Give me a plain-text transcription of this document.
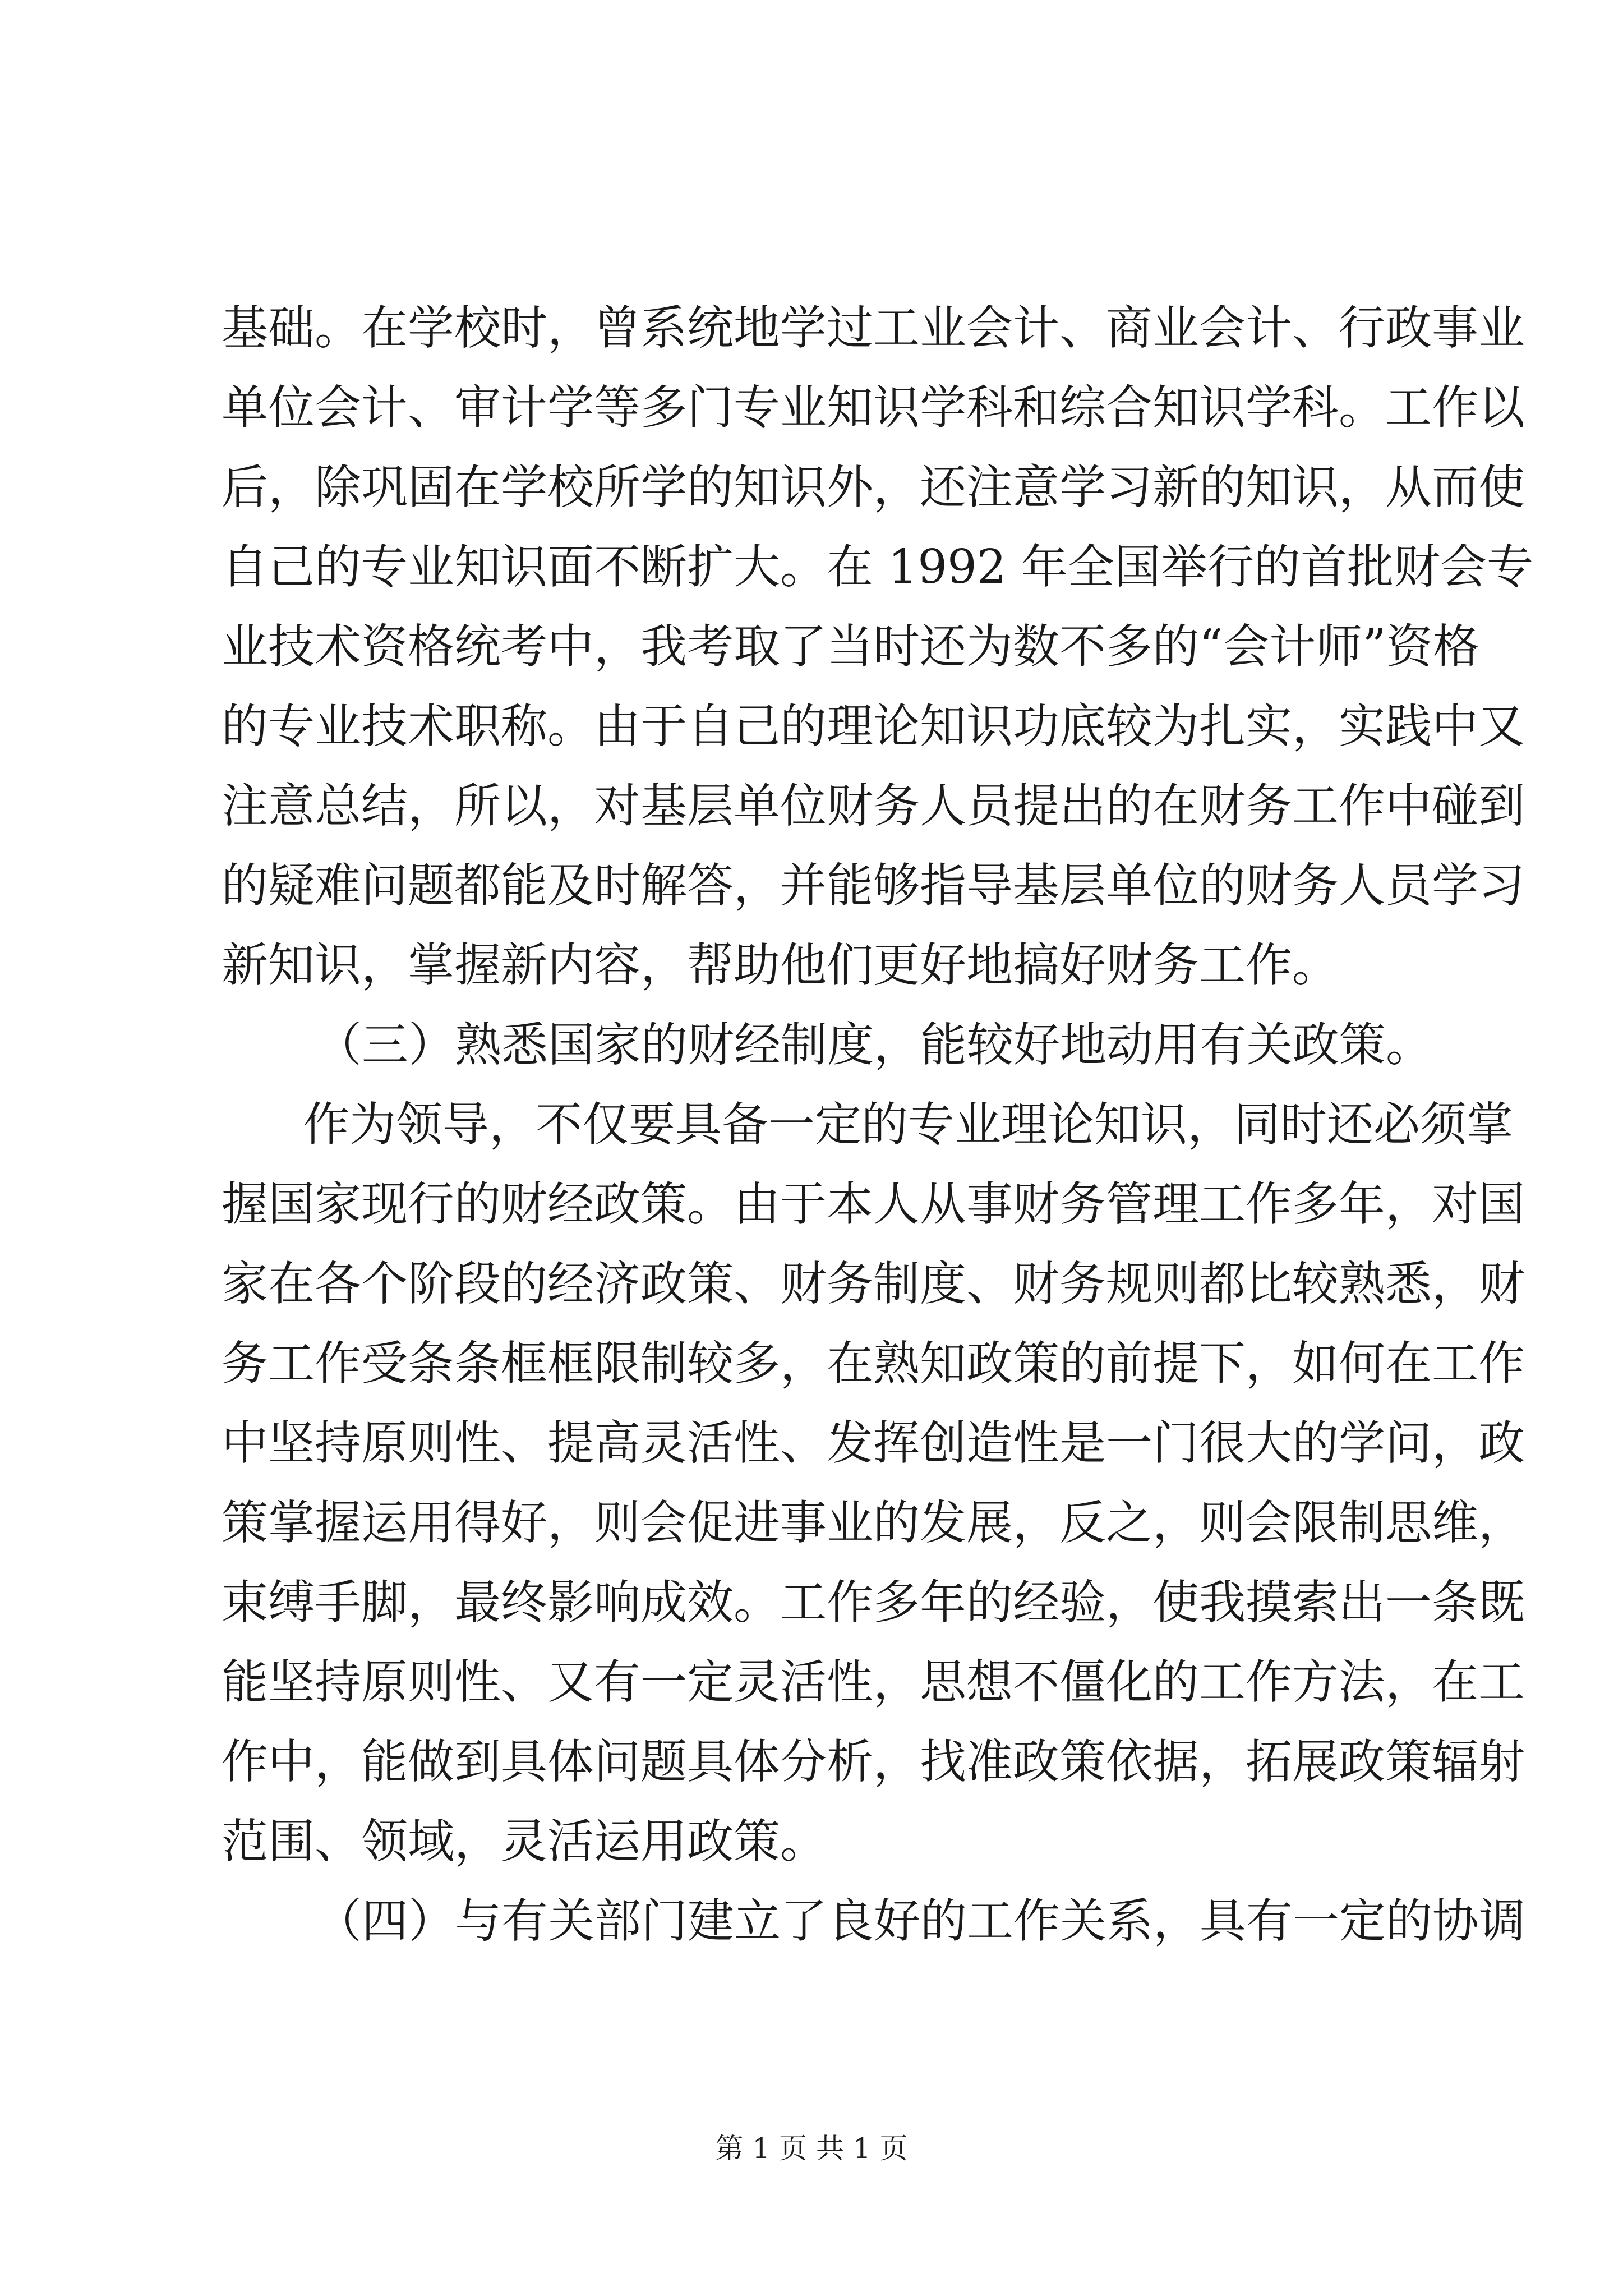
基础。在学校时，曾系统地学过工业会计、商业会计、行政事业
单位会计、审计学等多门专业知识学科和综合知识学科。工作以
后，除巩固在学校所学的知识外，还注意学习新的知识，从而使
自己的专业知识面不断扩大。在 1992 年全国举行的首批财会专
业技术资格统考中，我考取了当时还为数不多的“会计师”资格
的专业技术职称。由于自己的理论知识功底较为扎实，实践中又
注意总结，所以，对基层单位财务人员提出的在财务工作中碰到
的疑难问题都能及时解答，并能够指导基层单位的财务人员学习
新知识，掌握新内容，帮助他们更好地搞好财务工作。
（三）熟悉国家的财经制度，能较好地动用有关政策。
作为领导，不仅要具备一定的专业理论知识，同时还必须掌
握国家现行的财经政策。由于本人从事财务管理工作多年，对国
家在各个阶段的经济政策、财务制度、财务规则都比较熟悉，财
务工作受条条框框限制较多，在熟知政策的前提下，如何在工作
中坚持原则性、提高灵活性、发挥创造性是一门很大的学问，政
策掌握运用得好，则会促进事业的发展，反之，则会限制思维，
束缚手脚，最终影响成效。工作多年的经验，使我摸索出一条既
能坚持原则性、又有一定灵活性，思想不僵化的工作方法，在工
作中，能做到具体问题具体分析，找准政策依据，拓展政策辐射
范围、领域，灵活运用政策。
（四）与有关部门建立了良好的工作关系，具有一定的协调
第 1 页 共 1 页
